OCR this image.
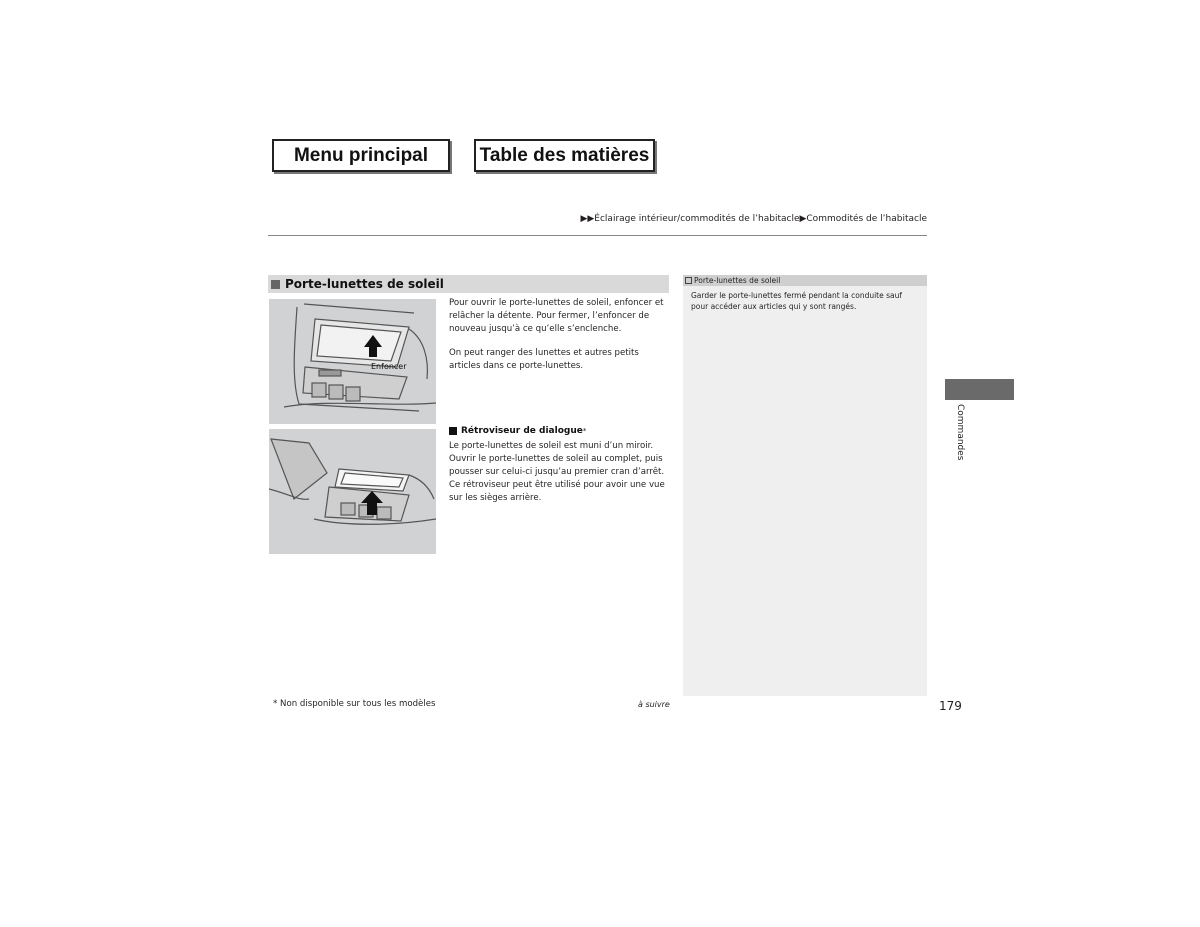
Menu principal	Table des matières
▶▶Éclairage intérieur/commodités de l’habitacle▶Commodités de l’habitacle
Porte-lunettes de soleil
Enfoncer
Pour ouvrir le porte-lunettes de soleil, enfoncer et relâcher la détente. Pour fermer, l’enfoncer de nouveau jusqu’à ce qu’elle s’enclenche.
On peut ranger des lunettes et autres petits articles dans ce porte-lunettes.
Rétroviseur de dialogue *
Le porte-lunettes de soleil est muni d’un miroir. Ouvrir le porte-lunettes de soleil au complet, puis pousser sur celui-ci jusqu’au premier cran d’arrêt. Ce rétroviseur peut être utilisé pour avoir une vue sur les sièges arrière.
Porte-lunettes de soleil
Garder le porte-lunettes fermé pendant la conduite sauf pour accéder aux articles qui y sont rangés.
Commandes
* Non disponible sur tous les modèles	à suivre	179
